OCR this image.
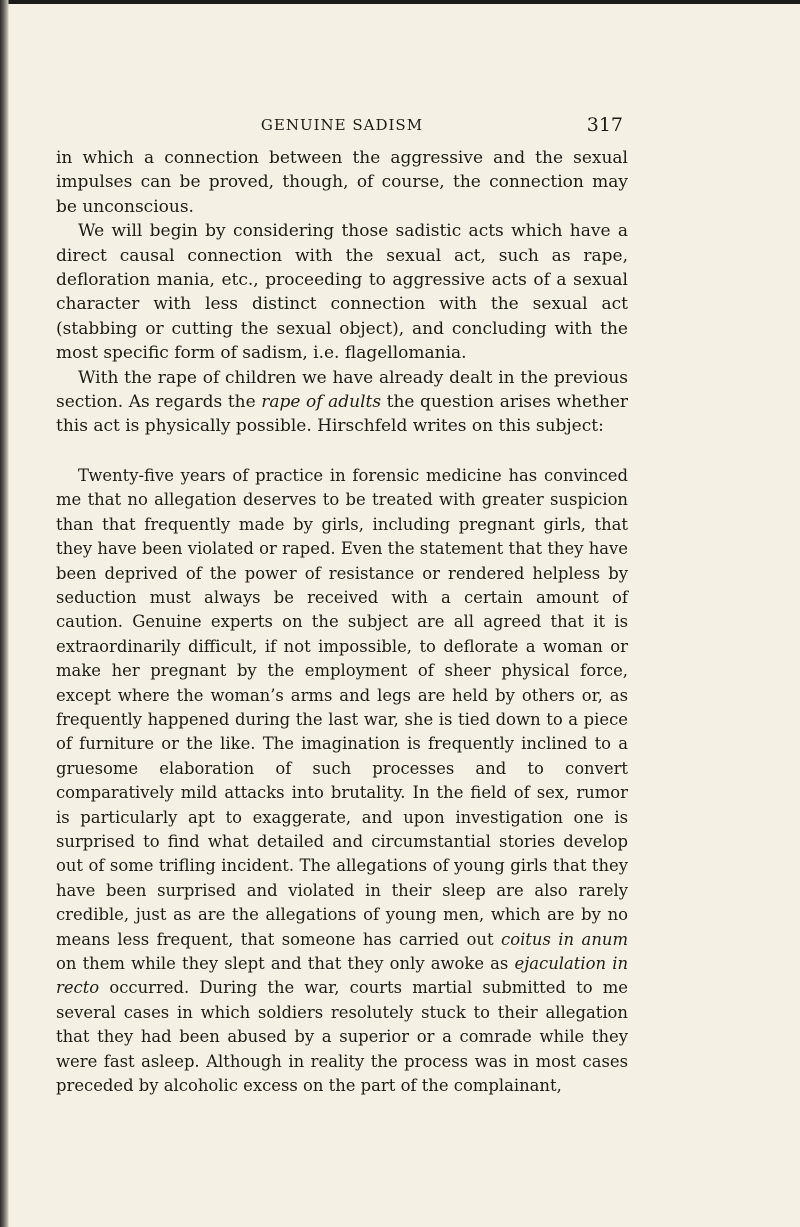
GENUINE SADISM	317

in which a connection between the aggressive and the sexual impulses can be proved, though, of course, the connection may be unconscious.

We will begin by considering those sadistic acts which have a direct causal connection with the sexual act, such as rape, defloration mania, etc., proceeding to aggressive acts of a sexual character with less distinct connection with the sexual act (stabbing or cutting the sexual object), and concluding with the most specific form of sadism, i.e. flagellomania.

With the rape of children we have already dealt in the previous section. As regards the rape of adults the question arises whether this act is physically possible. Hirschfeld writes on this subject:

Twenty-five years of practice in forensic medicine has convinced me that no allegation deserves to be treated with greater suspicion than that frequently made by girls, including pregnant girls, that they have been violated or raped. Even the statement that they have been deprived of the power of resistance or rendered helpless by seduction must always be received with a certain amount of caution. Genuine experts on the subject are all agreed that it is extraordinarily difficult, if not impossible, to deflorate a woman or make her pregnant by the employment of sheer physical force, except where the woman’s arms and legs are held by others or, as frequently happened during the last war, she is tied down to a piece of furniture or the like. The imagination is frequently inclined to a gruesome elaboration of such processes and to convert comparatively mild attacks into brutality. In the field of sex, rumor is particularly apt to exaggerate, and upon investigation one is surprised to find what detailed and circumstantial stories develop out of some trifling incident. The allegations of young girls that they have been surprised and violated in their sleep are also rarely credible, just as are the allegations of young men, which are by no means less frequent, that someone has carried out coitus in anum on them while they slept and that they only awoke as ejaculation in recto occurred. During the war, courts martial submitted to me several cases in which soldiers resolutely stuck to their allegation that they had been abused by a superior or a comrade while they were fast asleep. Although in reality the process was in most cases preceded by alcoholic excess on the part of the complainant,
